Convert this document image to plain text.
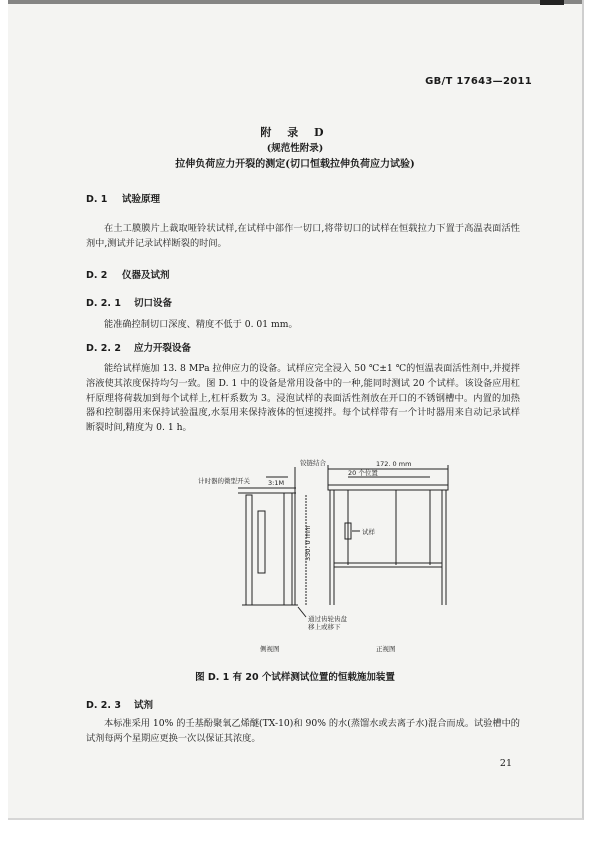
GB/T 17643—2011
附 录 D
(规范性附录)
拉伸负荷应力开裂的测定(切口恒载拉伸负荷应力试验)
D. 1 试验原理

在土工膜膜片上裁取哑铃状试样,在试样中部作一切口,将带切口的试样在恒载拉力下置于高温表面活性剂中,测试并记录试样断裂的时间。

D. 2 仪器及试剂
D. 2. 1 切口设备

能准确控制切口深度、精度不低于 0. 01 mm。

D. 2. 2 应力开裂设备

能给试样施加 13. 8 MPa 拉伸应力的设备。试样应完全浸入 50 ℃±1 ℃的恒温表面活性剂中,并搅拌溶液使其浓度保持均匀一致。图 D. 1 中的设备是常用设备中的一种,能同时测试 20 个试样。该设备应用杠杆原理将荷载加到每个试样上,杠杆系数为 3。浸泡试样的表面活性剂放在开口的不锈钢槽中。内置的加热器和控制器用来保持试验温度,水泵用来保持液体的恒速搅拌。每个试样带有一个计时器用来自动记录试样断裂时间,精度为 0. 1 h。

铰链结合
3:1M
计时器的微型开关
20 个位置
172. 0 mm
试样
330. 0 mm
通过齿轮齿盘
移上或移下
侧视图	正视图
图 D. 1 有 20 个试样测试位置的恒载施加装置
D. 2. 3 试剂

本标准采用 10% 的壬基酚聚氧乙烯醚(TX-10)和 90% 的水(蒸馏水或去离子水)混合而成。试验槽中的试剂每两个星期应更换一次以保证其浓度。

21
